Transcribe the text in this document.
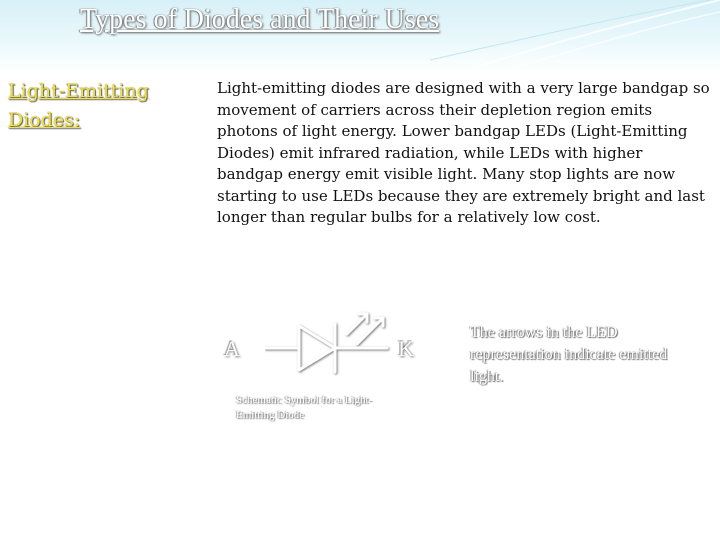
Types of Diodes and Their Uses
Light-Emitting Diodes:

Light-emitting diodes are designed with a very large bandgap so movement of carriers across their depletion region emits photons of light energy. Lower bandgap LEDs (Light-Emitting Diodes) emit infrared radiation, while LEDs with higher bandgap energy emit visible light. Many stop lights are now starting to use LEDs because they are extremely bright and last longer than regular bulbs for a relatively low cost.

A	K
Schematic Symbol for a Light-Emitting Diode
The arrows in the LED representation indicate emitted light.
